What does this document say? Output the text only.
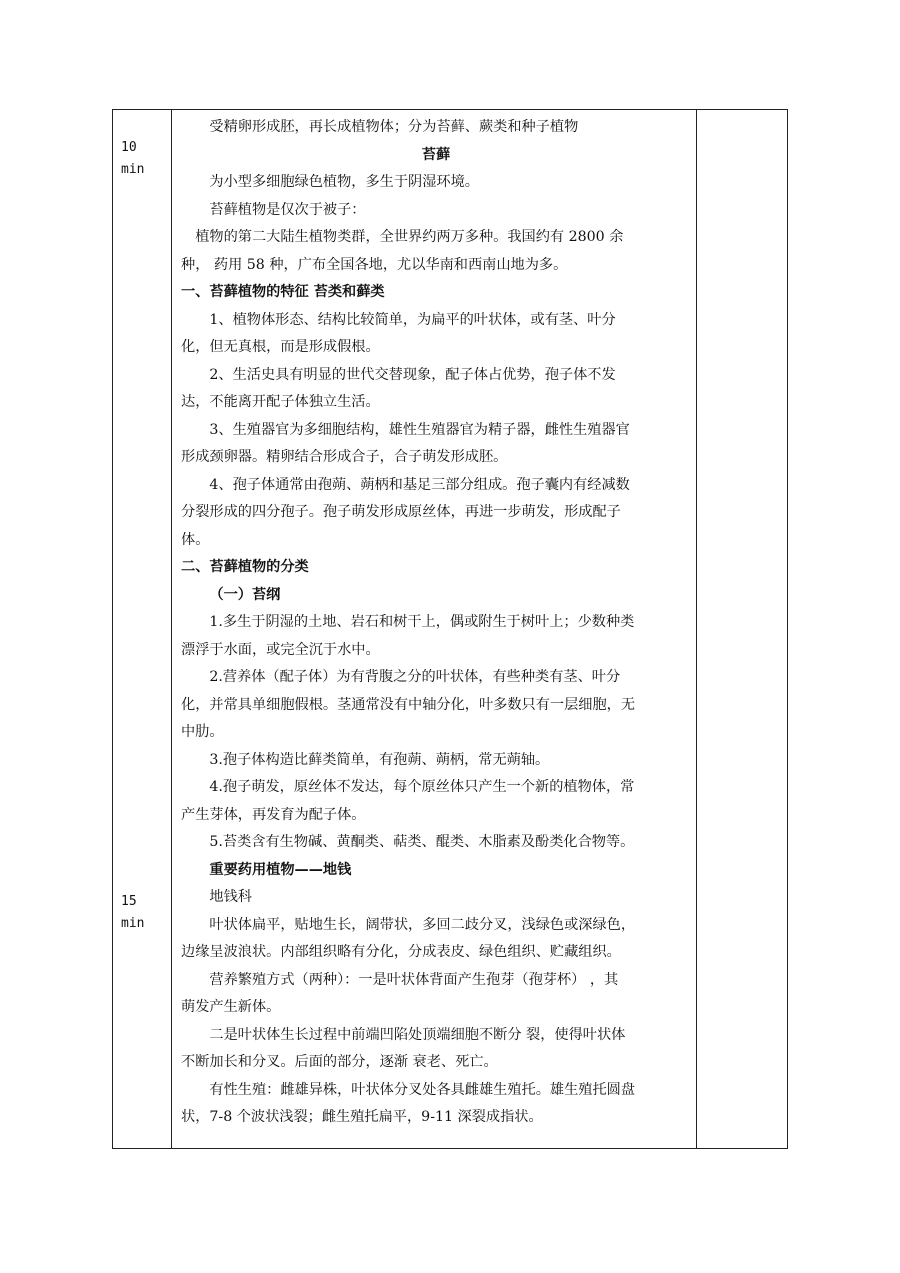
10
min
15
min

受精卵形成胚，再长成植物体；分为苔藓、蕨类和种子植物

苔藓

为小型多细胞绿色植物，多生于阴湿环境。

苔藓植物是仅次于被子：

植物的第二大陆生植物类群，全世界约两万多种。我国约有 2800 余

种， 药用 58 种，广布全国各地，尤以华南和西南山地为多。

一、苔藓植物的特征 苔类和藓类

1、植物体形态、结构比较简单，为扁平的叶状体，或有茎、叶分

化，但无真根，而是形成假根。

2、生活史具有明显的世代交替现象，配子体占优势，孢子体不发

达，不能离开配子体独立生活。

3、生殖器官为多细胞结构，雄性生殖器官为精子器，雌性生殖器官

形成颈卵器。精卵结合形成合子，合子萌发形成胚。

4、孢子体通常由孢蒴、蒴柄和基足三部分组成。孢子囊内有经减数

分裂形成的四分孢子。孢子萌发形成原丝体，再进一步萌发，形成配子

体。

二、苔藓植物的分类

（一）苔纲

1.多生于阴湿的土地、岩石和树干上，偶或附生于树叶上；少数种类

漂浮于水面，或完全沉于水中。

2.营养体（配子体）为有背腹之分的叶状体，有些种类有茎、叶分

化，并常具单细胞假根。茎通常没有中轴分化，叶多数只有一层细胞，无

中肋。

3.孢子体构造比藓类简单，有孢蒴、蒴柄，常无蒴轴。

4.孢子萌发，原丝体不发达，每个原丝体只产生一个新的植物体，常

产生芽体，再发育为配子体。

5.苔类含有生物碱、黄酮类、萜类、醌类、木脂素及酚类化合物等。

重要药用植物——地钱

地钱科

叶状体扁平，贴地生长，阔带状，多回二歧分叉，浅绿色或深绿色，

边缘呈波浪状。内部组织略有分化，分成表皮、绿色组织、贮藏组织。

营养繁殖方式（两种）：一是叶状体背面产生孢芽（孢芽杯） ，其

萌发产生新体。

二是叶状体生长过程中前端凹陷处顶端细胞不断分 裂，使得叶状体

不断加长和分叉。后面的部分，逐渐 衰老、死亡。

有性生殖：雌雄异株，叶状体分叉处各具雌雄生殖托。雄生殖托圆盘

状，7-8 个波状浅裂；雌生殖托扁平，9-11 深裂成指状。
